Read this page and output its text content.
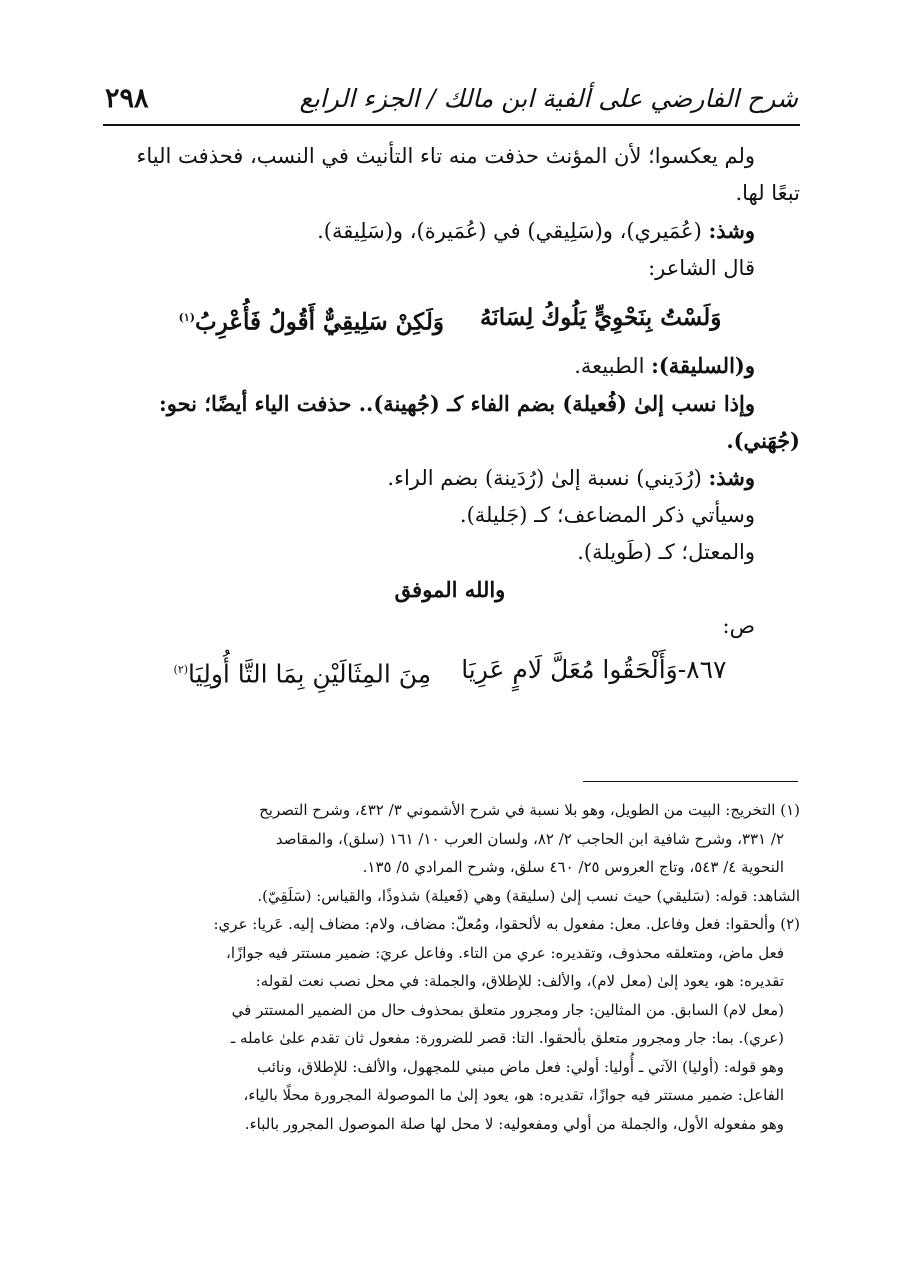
شرح الفارضي على ألفية ابن مالك / الجزء الرابع
٢٩٨

ولم يعكسوا؛ لأن المؤنث حذفت منه تاء التأنيث في النسب، فحذفت الياء

تبعًا لها.

وشذ: (عُمَيري)، و(سَلِيقي) في (عُمَيرة)، و(سَلِيقة).

قال الشاعر:

وَلَسْتُ بِنَحْوِيٍّ يَلُوكُ لِسَانَهُ
وَلَكِنْ سَلِيقِيٌّ أَقُولُ فَأُعْرِبُ$^{(١)}$

و(السليقة): الطبيعة.

وإذا نسب إلىٰ (فُعيلة) بضم الفاء كـ (جُهينة).. حذفت الياء أيضًا؛ نحو:

(جُهَني).

وشذ: (رُدَيني) نسبة إلىٰ (رُدَينة) بضم الراء.

وسيأتي ذكر المضاعف؛ كـ (جَليلة).

والمعتل؛ كـ (طَويلة).

والله الموفق

ص:

٨٦٧-وَأَلْحَقُوا مُعَلَّ لَامٍ عَرِيَا
مِنَ المِثَالَيْنِ بِمَا التَّا أُولِيَا$^{(٢)}$

(١) التخريج: البيت من الطويل، وهو بلا نسبة في شرح الأشموني ٣/ ٤٣٢، وشرح التصريح

٢/ ٣٣١، وشرح شافية ابن الحاجب ٢/ ٨٢، ولسان العرب ١٠/ ١٦١ (سلق)، والمقاصد

النحوية ٤/ ٥٤٣، وتاج العروس ٢٥/ ٤٦٠ سلق، وشرح المرادي ٥/ ١٣٥.

الشاهد: قوله: (سَليقي) حيث نسب إلىٰ (سليقة) وهي (فَعيلة) شذوذًا، والقياس: (سَلَقِيّ).

(٢) وألحقوا: فعل وفاعل. معل: مفعول به لألحقوا، ومُعلّ: مضاف، ولام: مضاف إليه. عَريا: عري:

فعل ماض، ومتعلقه محذوف، وتقديره: عري من التاء. وفاعل عريَ: ضمير مستتر فيه جوازًا،

تقديره: هو، يعود إلىٰ (معل لام)، والألف: للإطلاق، والجملة: في محل نصب نعت لقوله:

(معل لام) السابق. من المثالين: جار ومجرور متعلق بمحذوف حال من الضمير المستتر في

(عري). بما: جار ومجرور متعلق بألحقوا. التا: قصر للضرورة: مفعول ثان تقدم علىٰ عامله ـ

وهو قوله: (أوليا) الآتي ـ أُوليا: أولي: فعل ماض مبني للمجهول، والألف: للإطلاق، ونائب

الفاعل: ضمير مستتر فيه جوازًا، تقديره: هو، يعود إلىٰ ما الموصولة المجرورة محلًا بالياء،

وهو مفعوله الأول، والجملة من أولي ومفعوليه: لا محل لها صلة الموصول المجرور بالباء.
